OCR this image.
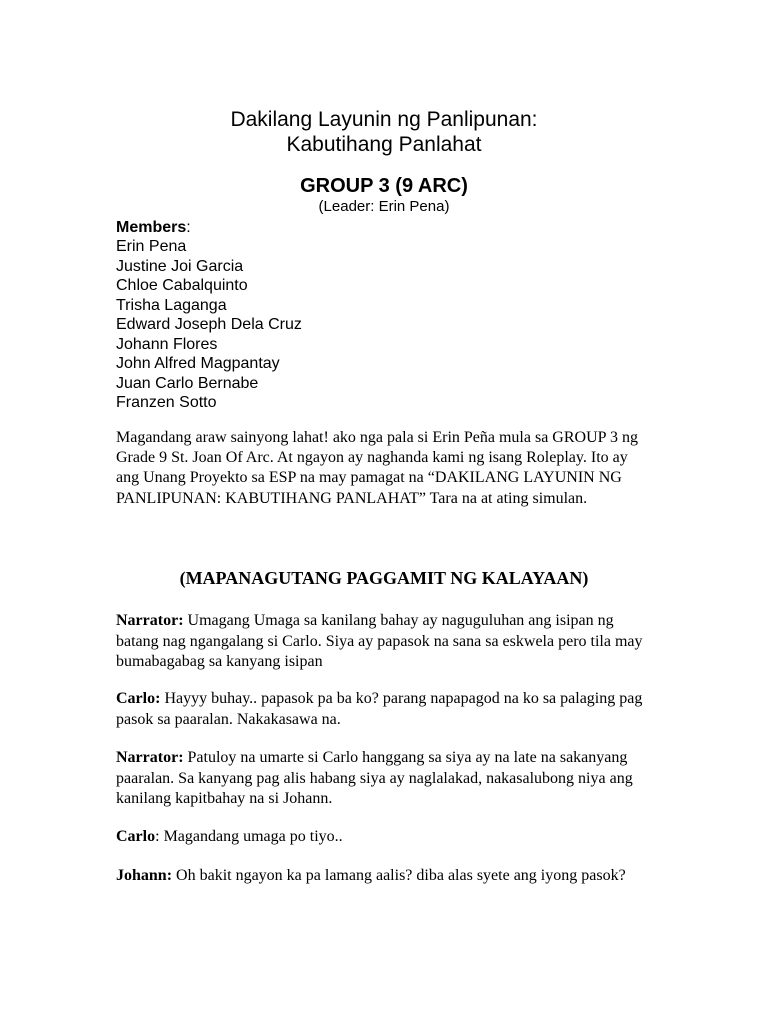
Dakilang Layunin ng Panlipunan:
Kabutihang Panlahat
GROUP 3 (9 ARC)
(Leader: Erin Pena)
Members:
Erin Pena
Justine Joi Garcia
Chloe Cabalquinto
Trisha Laganga
Edward Joseph Dela Cruz
Johann Flores
John Alfred Magpantay
Juan Carlo Bernabe
Franzen Sotto

Magandang araw sainyong lahat! ako nga pala si Erin Peña mula sa GROUP 3 ng Grade 9 St. Joan Of Arc. At ngayon ay naghanda kami ng isang Roleplay. Ito ay ang Unang Proyekto sa ESP na may pamagat na “DAKILANG LAYUNIN NG PANLIPUNAN: KABUTIHANG PANLAHAT” Tara na at ating simulan.

(MAPANAGUTANG PAGGAMIT NG KALAYAAN)

Narrator: Umagang Umaga sa kanilang bahay ay naguguluhan ang isipan ng batang nag ngangalang si Carlo. Siya ay papasok na sana sa eskwela pero tila may bumabagabag sa kanyang isipan

Carlo: Hayyy buhay.. papasok pa ba ko? parang napapagod na ko sa palaging pag pasok sa paaralan. Nakakasawa na.

Narrator: Patuloy na umarte si Carlo hanggang sa siya ay na late na sakanyang paaralan. Sa kanyang pag alis habang siya ay naglalakad, nakasalubong niya ang kanilang kapitbahay na si Johann.

Carlo: Magandang umaga po tiyo..

Johann: Oh bakit ngayon ka pa lamang aalis? diba alas syete ang iyong pasok?
